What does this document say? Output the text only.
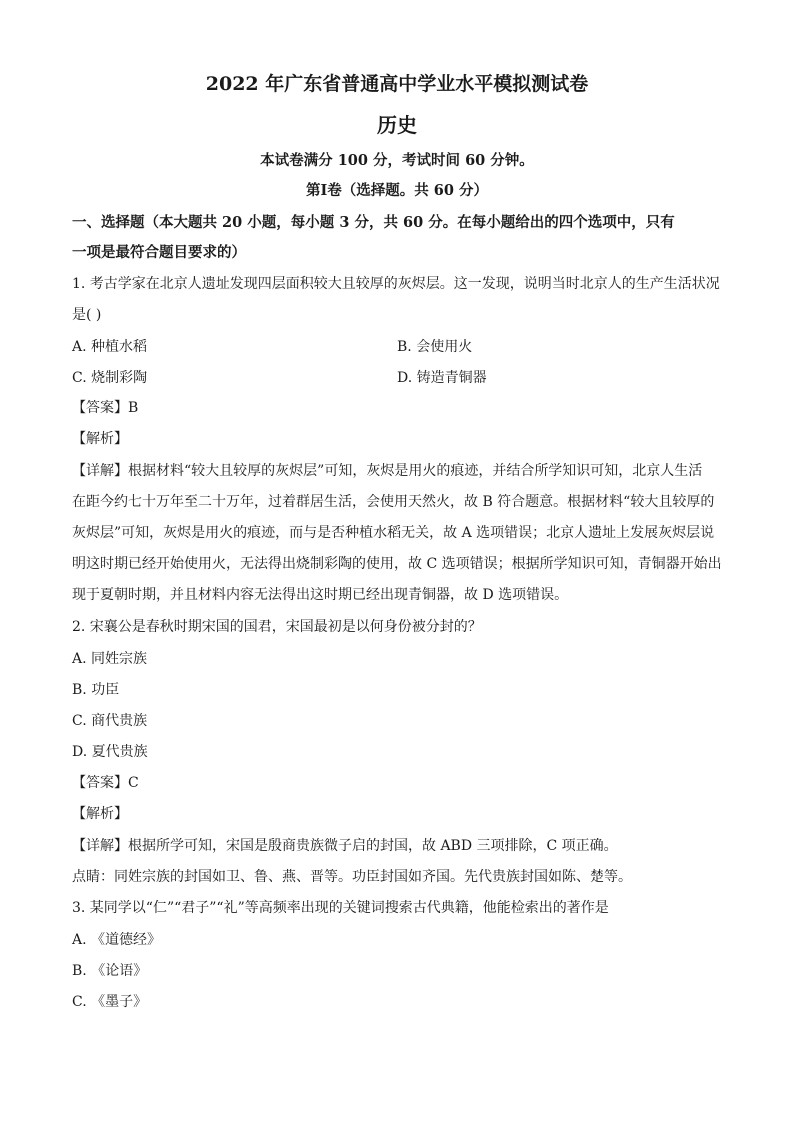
2022 年广东省普通高中学业水平模拟测试卷
历史
本试卷满分 100 分，考试时间 60 分钟。
第Ⅰ卷（选择题。共 60 分）
一、选择题（本大题共 20 小题，每小题 3 分，共 60 分。在每小题给出的四个选项中，只有
一项是最符合题目要求的）
1. 考古学家在北京人遗址发现四层面积较大且较厚的灰烬层。这一发现，说明当时北京人的生产生活状况
是( )
A. 种植水稻	B. 会使用火
C. 烧制彩陶	D. 铸造青铜器
【答案】B
【解析】
【详解】根据材料“较大且较厚的灰烬层”可知，灰烬是用火的痕迹，并结合所学知识可知，北京人生活
在距今约七十万年至二十万年，过着群居生活，会使用天然火，故 B 符合题意。根据材料“较大且较厚的
灰烬层”可知，灰烬是用火的痕迹，而与是否种植水稻无关，故 A 选项错误；北京人遗址上发展灰烬层说
明这时期已经开始使用火，无法得出烧制彩陶的使用，故 C 选项错误；根据所学知识可知，青铜器开始出
现于夏朝时期，并且材料内容无法得出这时期已经出现青铜器，故 D 选项错误。
2. 宋襄公是春秋时期宋国的国君，宋国最初是以何身份被分封的？
A. 同姓宗族
B. 功臣
C. 商代贵族
D. 夏代贵族
【答案】C
【解析】
【详解】根据所学可知，宋国是殷商贵族微子启的封国，故 ABD 三项排除，C 项正确。
点睛：同姓宗族的封国如卫、鲁、燕、晋等。功臣封国如齐国。先代贵族封国如陈、楚等。
3. 某同学以“仁”“君子”“礼”等高频率出现的关键词搜索古代典籍，他能检索出的著作是
A. 《道德经》
B. 《论语》
C. 《墨子》
